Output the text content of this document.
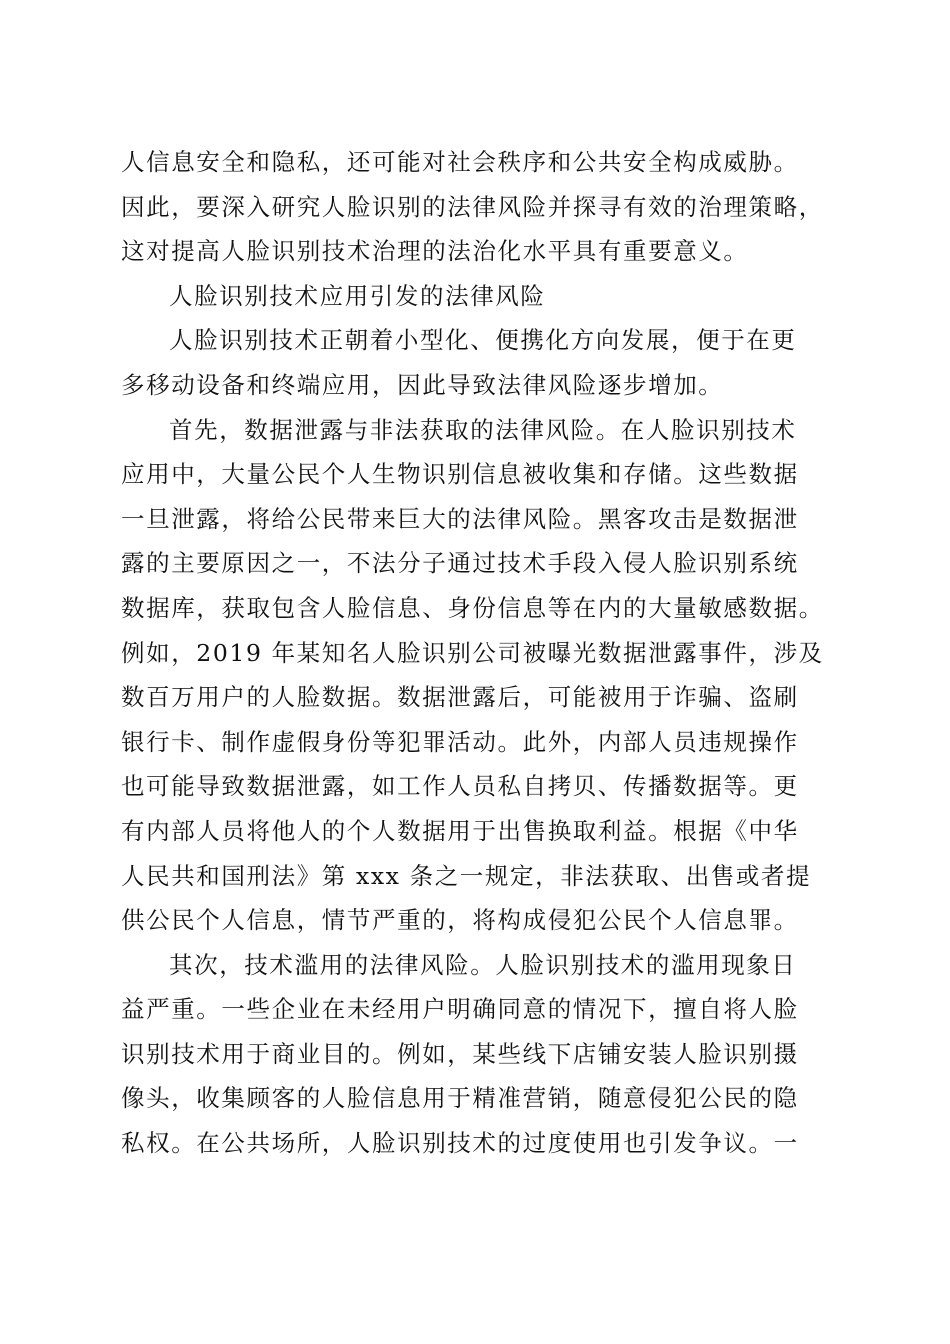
人信息安全和隐私，还可能对社会秩序和公共安全构成威胁。
因此，要深入研究人脸识别的法律风险并探寻有效的治理策略，
这对提高人脸识别技术治理的法治化水平具有重要意义。
人脸识别技术应用引发的法律风险
人脸识别技术正朝着小型化、便携化方向发展，便于在更
多移动设备和终端应用，因此导致法律风险逐步增加。
首先，数据泄露与非法获取的法律风险。在人脸识别技术
应用中，大量公民个人生物识别信息被收集和存储。这些数据
一旦泄露，将给公民带来巨大的法律风险。黑客攻击是数据泄
露的主要原因之一，不法分子通过技术手段入侵人脸识别系统
数据库，获取包含人脸信息、身份信息等在内的大量敏感数据。
例如，2019 年某知名人脸识别公司被曝光数据泄露事件，涉及
数百万用户的人脸数据。数据泄露后，可能被用于诈骗、盗刷
银行卡、制作虚假身份等犯罪活动。此外，内部人员违规操作
也可能导致数据泄露，如工作人员私自拷贝、传播数据等。更
有内部人员将他人的个人数据用于出售换取利益。根据《中华
人民共和国刑法》第 xxx 条之一规定，非法获取、出售或者提
供公民个人信息，情节严重的，将构成侵犯公民个人信息罪。
其次，技术滥用的法律风险。人脸识别技术的滥用现象日
益严重。一些企业在未经用户明确同意的情况下，擅自将人脸
识别技术用于商业目的。例如，某些线下店铺安装人脸识别摄
像头，收集顾客的人脸信息用于精准营销，随意侵犯公民的隐
私权。在公共场所，人脸识别技术的过度使用也引发争议。一
